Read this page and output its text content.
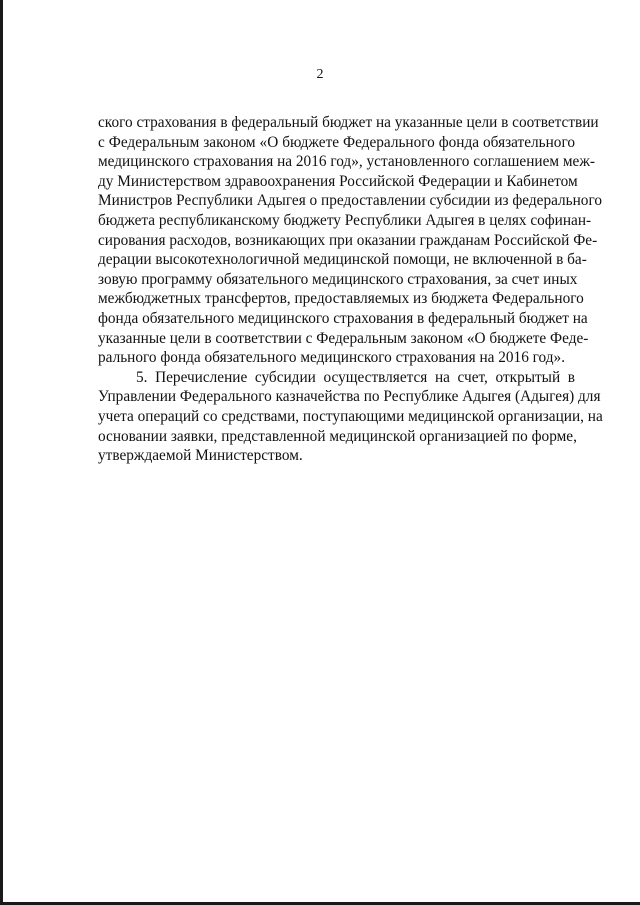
2
ского страхования в федеральный бюджет на указанные цели в соответствии
с Федеральным законом «О бюджете Федерального фонда обязательного
медицинского страхования на 2016 год», установленного соглашением меж-
ду Министерством здравоохранения Российской Федерации и Кабинетом
Министров Республики Адыгея о предоставлении субсидии из федерального
бюджета республиканскому бюджету Республики Адыгея в целях софинан-
сирования расходов, возникающих при оказании гражданам Российской Фе-
дерации высокотехнологичной медицинской помощи, не включенной в ба-
зовую программу обязательного медицинского страхования, за счет иных
межбюджетных трансфертов, предоставляемых из бюджета Федерального
фонда обязательного медицинского страхования в федеральный бюджет на
указанные цели в соответствии с Федеральным законом «О бюджете Феде-
рального фонда обязательного медицинского страхования на 2016 год».
5. Перечисление субсидии осуществляется на счет, открытый в
Управлении Федерального казначейства по Республике Адыгея (Адыгея) для
учета операций со средствами, поступающими медицинской организации, на
основании заявки, представленной медицинской организацией по форме,
утверждаемой Министерством.
